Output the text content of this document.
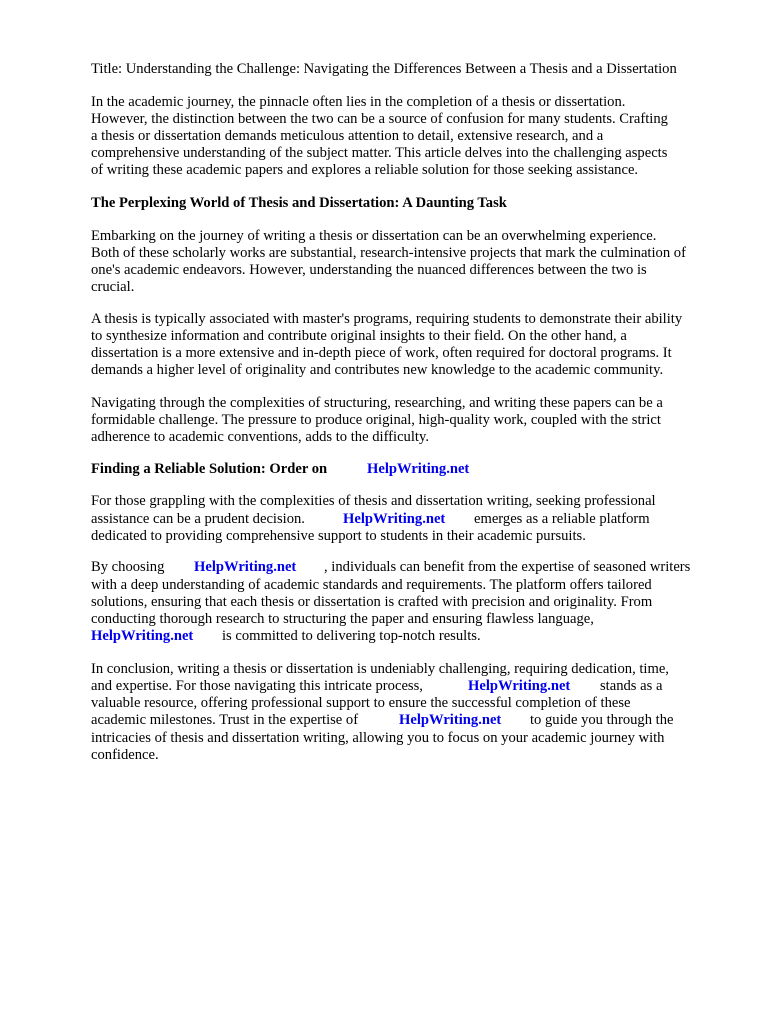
Title: Understanding the Challenge: Navigating the Differences Between a Thesis and a Dissertation
In the academic journey, the pinnacle often lies in the completion of a thesis or dissertation.
However, the distinction between the two can be a source of confusion for many students. Crafting
a thesis or dissertation demands meticulous attention to detail, extensive research, and a
comprehensive understanding of the subject matter. This article delves into the challenging aspects
of writing these academic papers and explores a reliable solution for those seeking assistance.
The Perplexing World of Thesis and Dissertation: A Daunting Task
Embarking on the journey of writing a thesis or dissertation can be an overwhelming experience.
Both of these scholarly works are substantial, research-intensive projects that mark the culmination of
one's academic endeavors. However, understanding the nuanced differences between the two is
crucial.
A thesis is typically associated with master's programs, requiring students to demonstrate their ability
to synthesize information and contribute original insights to their field. On the other hand, a
dissertation is a more extensive and in-depth piece of work, often required for doctoral programs. It
demands a higher level of originality and contributes new knowledge to the academic community.
Navigating through the complexities of structuring, researching, and writing these papers can be a
formidable challenge. The pressure to produce original, high-quality work, coupled with the strict
adherence to academic conventions, adds to the difficulty.
Finding a Reliable Solution: Order on	HelpWriting.net
For those grappling with the complexities of thesis and dissertation writing, seeking professional
assistance can be a prudent decision.	HelpWriting.net emerges as a reliable platform
dedicated to providing comprehensive support to students in their academic pursuits.
By choosing HelpWriting.net , individuals can benefit from the expertise of seasoned writers
with a deep understanding of academic standards and requirements. The platform offers tailored
solutions, ensuring that each thesis or dissertation is crafted with precision and originality. From
conducting thorough research to structuring the paper and ensuring flawless language,
HelpWriting.net is committed to delivering top-notch results.
In conclusion, writing a thesis or dissertation is undeniably challenging, requiring dedication, time,
and expertise. For those navigating this intricate process,	HelpWriting.net stands as a
valuable resource, offering professional support to ensure the successful completion of these
academic milestones. Trust in the expertise of	HelpWriting.net to guide you through the
intricacies of thesis and dissertation writing, allowing you to focus on your academic journey with
confidence.
